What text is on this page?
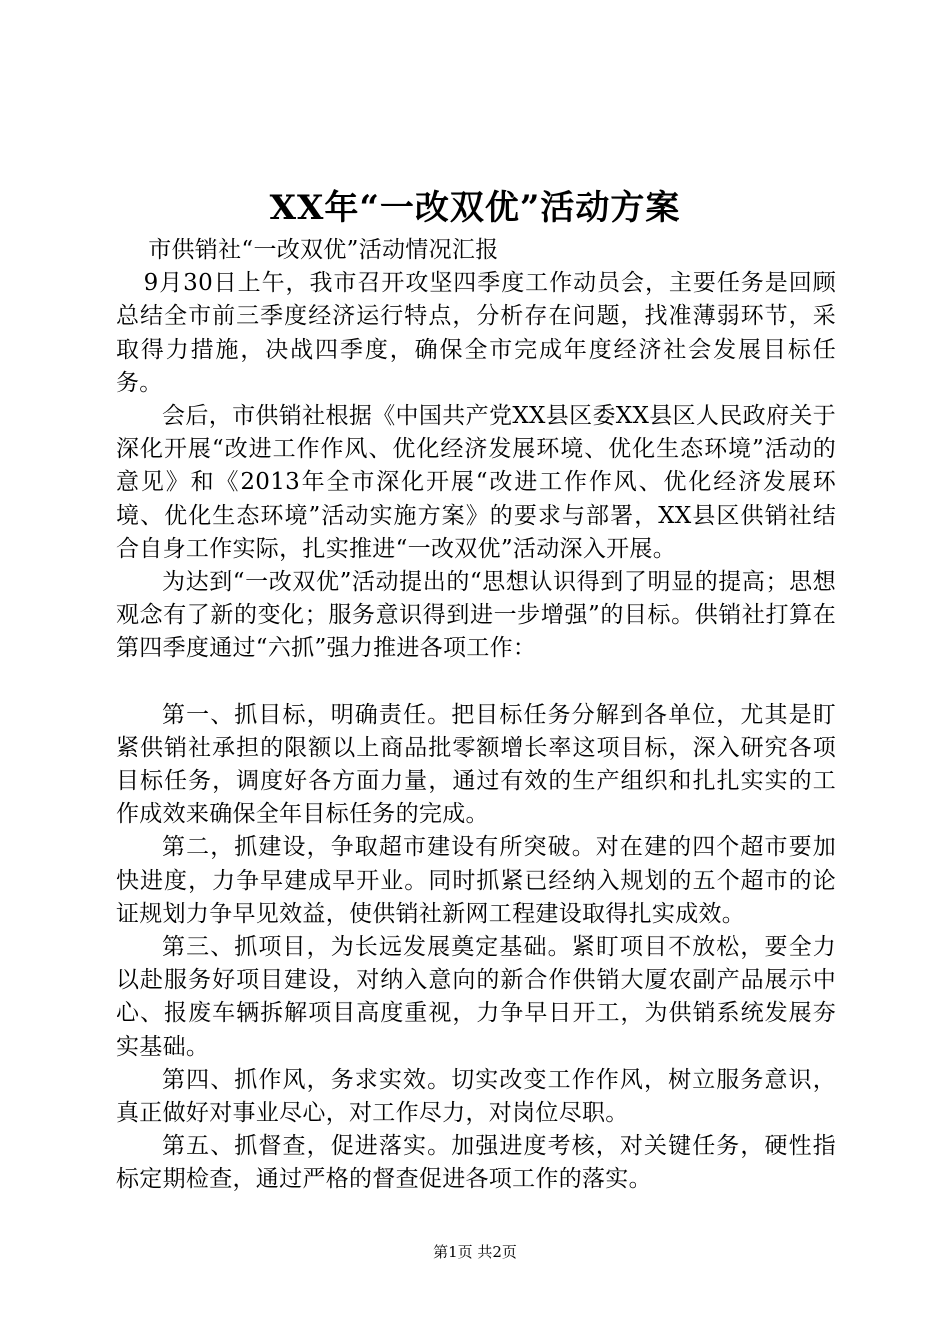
XX年“一改双优”活动方案

市供销社“一改双优”活动情况汇报

9月30日上午，我市召开攻坚四季度工作动员会，主要任务是回顾总结全市前三季度经济运行特点，分析存在问题，找准薄弱环节，采取得力措施，决战四季度，确保全市完成年度经济社会发展目标任务。

会后，市供销社根据《中国共产党XX县区委XX县区人民政府关于深化开展“改进工作作风、优化经济发展环境、优化生态环境”活动的意见》和《2013年全市深化开展“改进工作作风、优化经济发展环境、优化生态环境”活动实施方案》的要求与部署，XX县区供销社结合自身工作实际，扎实推进“一改双优”活动深入开展。

为达到“一改双优”活动提出的“思想认识得到了明显的提高；思想观念有了新的变化；服务意识得到进一步增强”的目标。供销社打算在第四季度通过“六抓”强力推进各项工作：

第一、抓目标，明确责任。把目标任务分解到各单位，尤其是盯紧供销社承担的限额以上商品批零额增长率这项目标，深入研究各项目标任务，调度好各方面力量，通过有效的生产组织和扎扎实实的工作成效来确保全年目标任务的完成。

第二，抓建设，争取超市建设有所突破。对在建的四个超市要加快进度，力争早建成早开业。同时抓紧已经纳入规划的五个超市的论证规划力争早见效益，使供销社新网工程建设取得扎实成效。

第三、抓项目，为长远发展奠定基础。紧盯项目不放松，要全力以赴服务好项目建设，对纳入意向的新合作供销大厦农副产品展示中心、报废车辆拆解项目高度重视，力争早日开工，为供销系统发展夯实基础。

第四、抓作风，务求实效。切实改变工作作风，树立服务意识，真正做好对事业尽心，对工作尽力，对岗位尽职。

第五、抓督查，促进落实。加强进度考核，对关键任务，硬性指标定期检查，通过严格的督查促进各项工作的落实。

第1页 共2页
